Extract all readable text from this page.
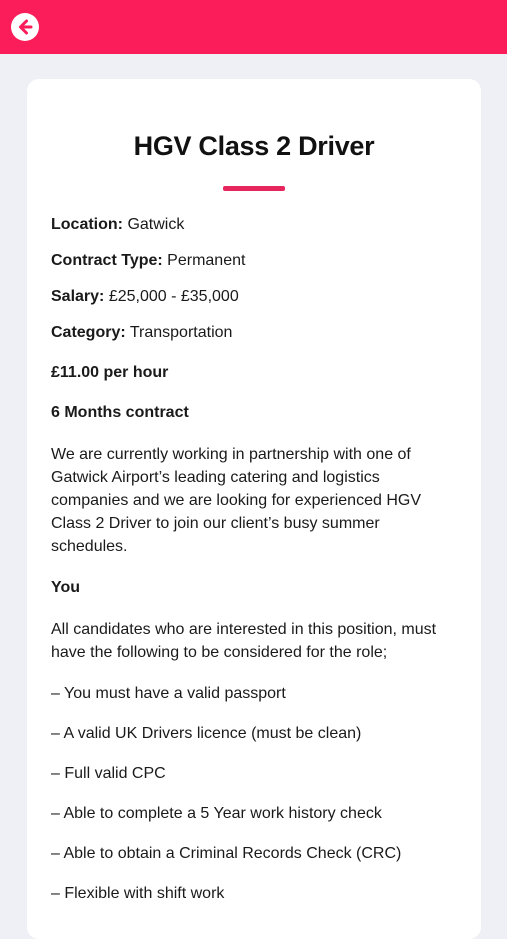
HGV Class 2 Driver

Location: Gatwick

Contract Type: Permanent

Salary: £25,000 - £35,000

Category: Transportation

£11.00 per hour

6 Months contract

We are currently working in partnership with one of Gatwick Airport’s leading catering and logistics companies and we are looking for experienced HGV Class 2 Driver to join our client’s busy summer schedules.

You

All candidates who are interested in this position, must have the following to be considered for the role;

– You must have a valid passport

– A valid UK Drivers licence (must be clean)

– Full valid CPC

– Able to complete a 5 Year work history check

– Able to obtain a Criminal Records Check (CRC)

– Flexible with shift work
